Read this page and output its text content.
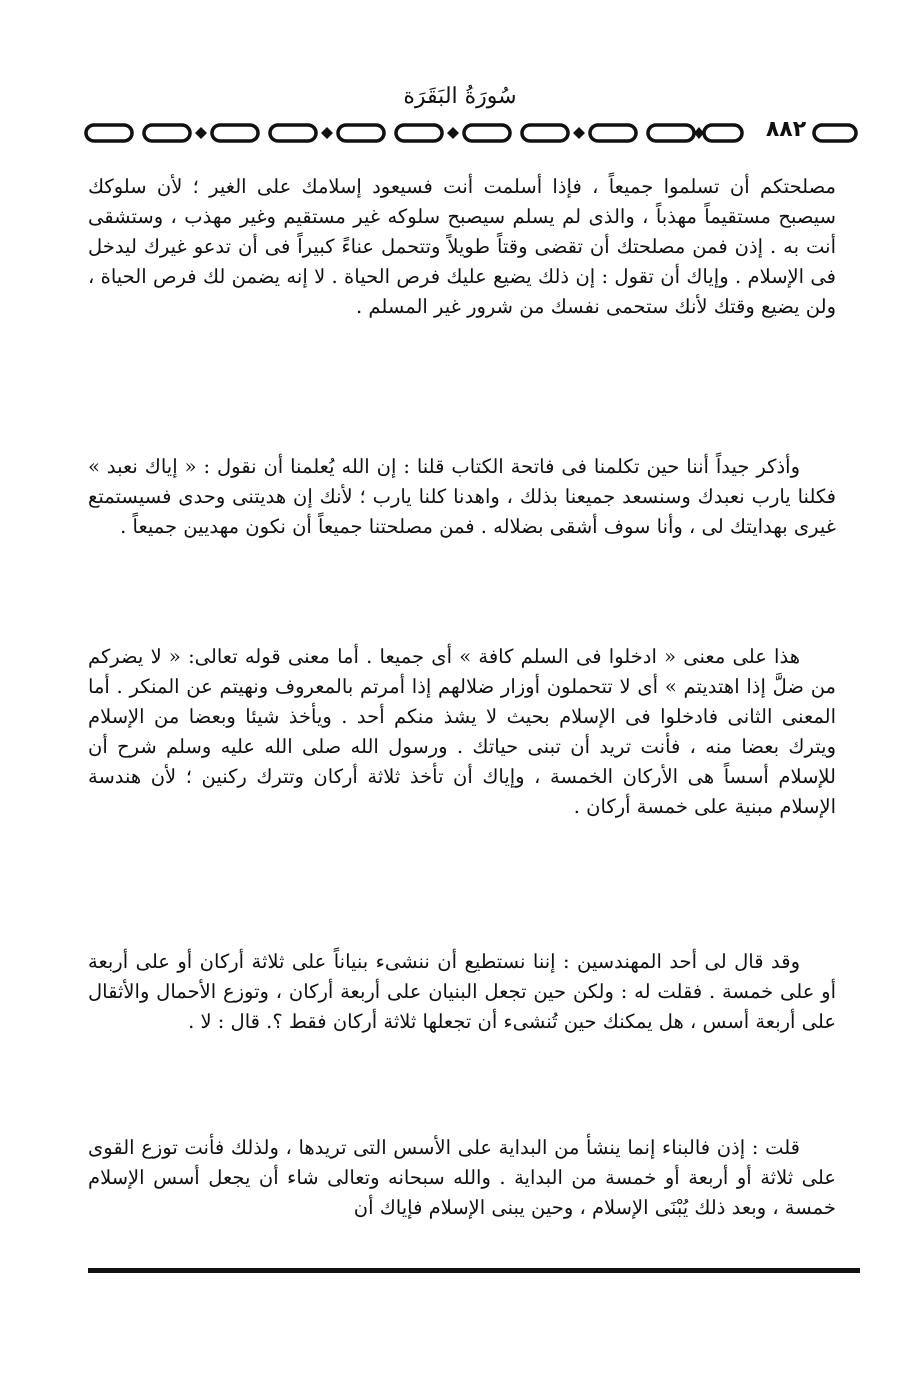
سُورَةُ البَقَرَة
٨٨٢

مصلحتكم أن تسلموا جميعاً ، فإذا أسلمت أنت فسيعود إسلامك على الغير ؛ لأن سلوكك سيصبح مستقيماً مهذباً ، والذى لم يسلم سيصبح سلوكه غير مستقيم وغير مهذب ، وستشقى أنت به . إذن فمن مصلحتك أن تقضى وقتاً طويلاً وتتحمل عناءً كبيراً فى أن تدعو غيرك ليدخل فى الإسلام . وإياك أن تقول : إن ذلك يضيع عليك فرص الحياة . لا إنه يضمن لك فرص الحياة ، ولن يضيع وقتك لأنك ستحمى نفسك من شرور غير المسلم .

وأذكر جيداً أننا حين تكلمنا فى فاتحة الكتاب قلنا : إن الله يُعلمنا أن نقول : « إياك نعبد » فكلنا يارب نعبدك وسنسعد جميعنا بذلك ، واهدنا كلنا يارب ؛ لأنك إن هديتنى وحدى فسيستمتع غيرى بهدايتك لى ، وأنا سوف أشقى بضلاله . فمن مصلحتنا جميعاً أن نكون مهديين جميعاً .

هذا على معنى « ادخلوا فى السلم كافة » أى جميعا . أما معنى قوله تعالى: « لا يضركم من ضلَّ إذا اهتديتم » أى لا تتحملون أوزار ضلالهم إذا أمرتم بالمعروف ونهيتم عن المنكر . أما المعنى الثانى فادخلوا فى الإسلام بحيث لا يشذ منكم أحد . ويأخذ شيئا وبعضا من الإسلام ويترك بعضا منه ، فأنت تريد أن تبنى حياتك . ورسول الله صلى الله عليه وسلم شرح أن للإسلام أسساً هى الأركان الخمسة ، وإياك أن تأخذ ثلاثة أركان وتترك ركنين ؛ لأن هندسة الإسلام مبنية على خمسة أركان .

وقد قال لى أحد المهندسين : إننا نستطيع أن ننشىء بنياناً على ثلاثة أركان أو على أربعة أو على خمسة . فقلت له : ولكن حين تجعل البنيان على أربعة أركان ، وتوزع الأحمال والأثقال على أربعة أسس ، هل يمكنك حين تُنشىء أن تجعلها ثلاثة أركان فقط ؟. قال : لا .

قلت : إذن فالبناء إنما ينشأ من البداية على الأسس التى تريدها ، ولذلك فأنت توزع القوى على ثلاثة أو أربعة أو خمسة من البداية . والله سبحانه وتعالى شاء أن يجعل أسس الإسلام خمسة ، وبعد ذلك يُبْنَى الإسلام ، وحين يبنى الإسلام فإياك أن
